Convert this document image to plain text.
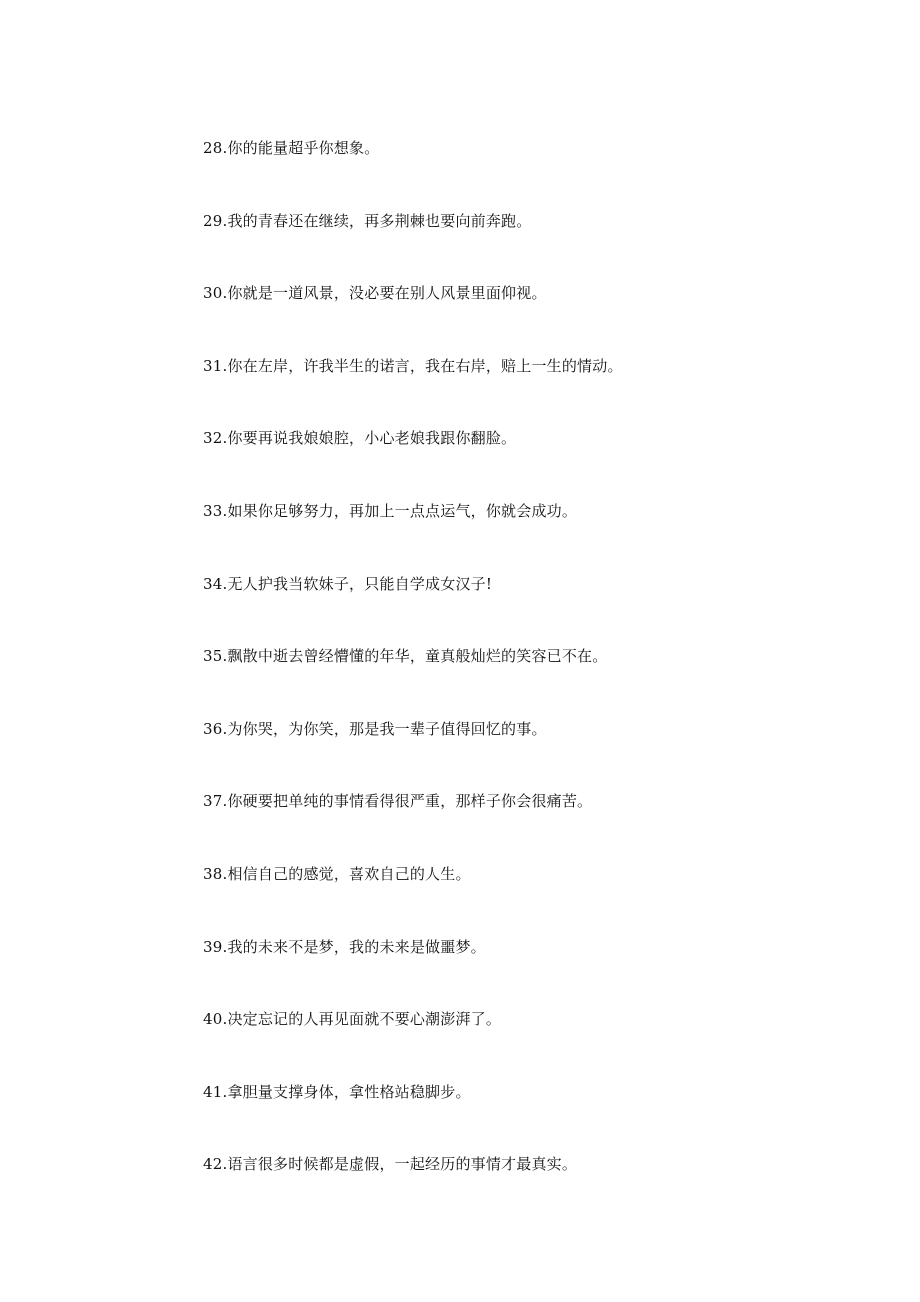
28.你的能量超乎你想象。
29.我的青春还在继续，再多荆棘也要向前奔跑。
30.你就是一道风景，没必要在别人风景里面仰视。
31.你在左岸，许我半生的诺言，我在右岸，赔上一生的情动。
32.你要再说我娘娘腔，小心老娘我跟你翻脸。
33.如果你足够努力，再加上一点点运气，你就会成功。
34.无人护我当软妹子，只能自学成女汉子!
35.飘散中逝去曾经懵懂的年华，童真般灿烂的笑容已不在。
36.为你哭，为你笑，那是我一辈子值得回忆的事。
37.你硬要把单纯的事情看得很严重，那样子你会很痛苦。
38.相信自己的感觉，喜欢自己的人生。
39.我的未来不是梦，我的未来是做噩梦。
40.决定忘记的人再见面就不要心潮澎湃了。
41.拿胆量支撑身体，拿性格站稳脚步。
42.语言很多时候都是虚假，一起经历的事情才最真实。
